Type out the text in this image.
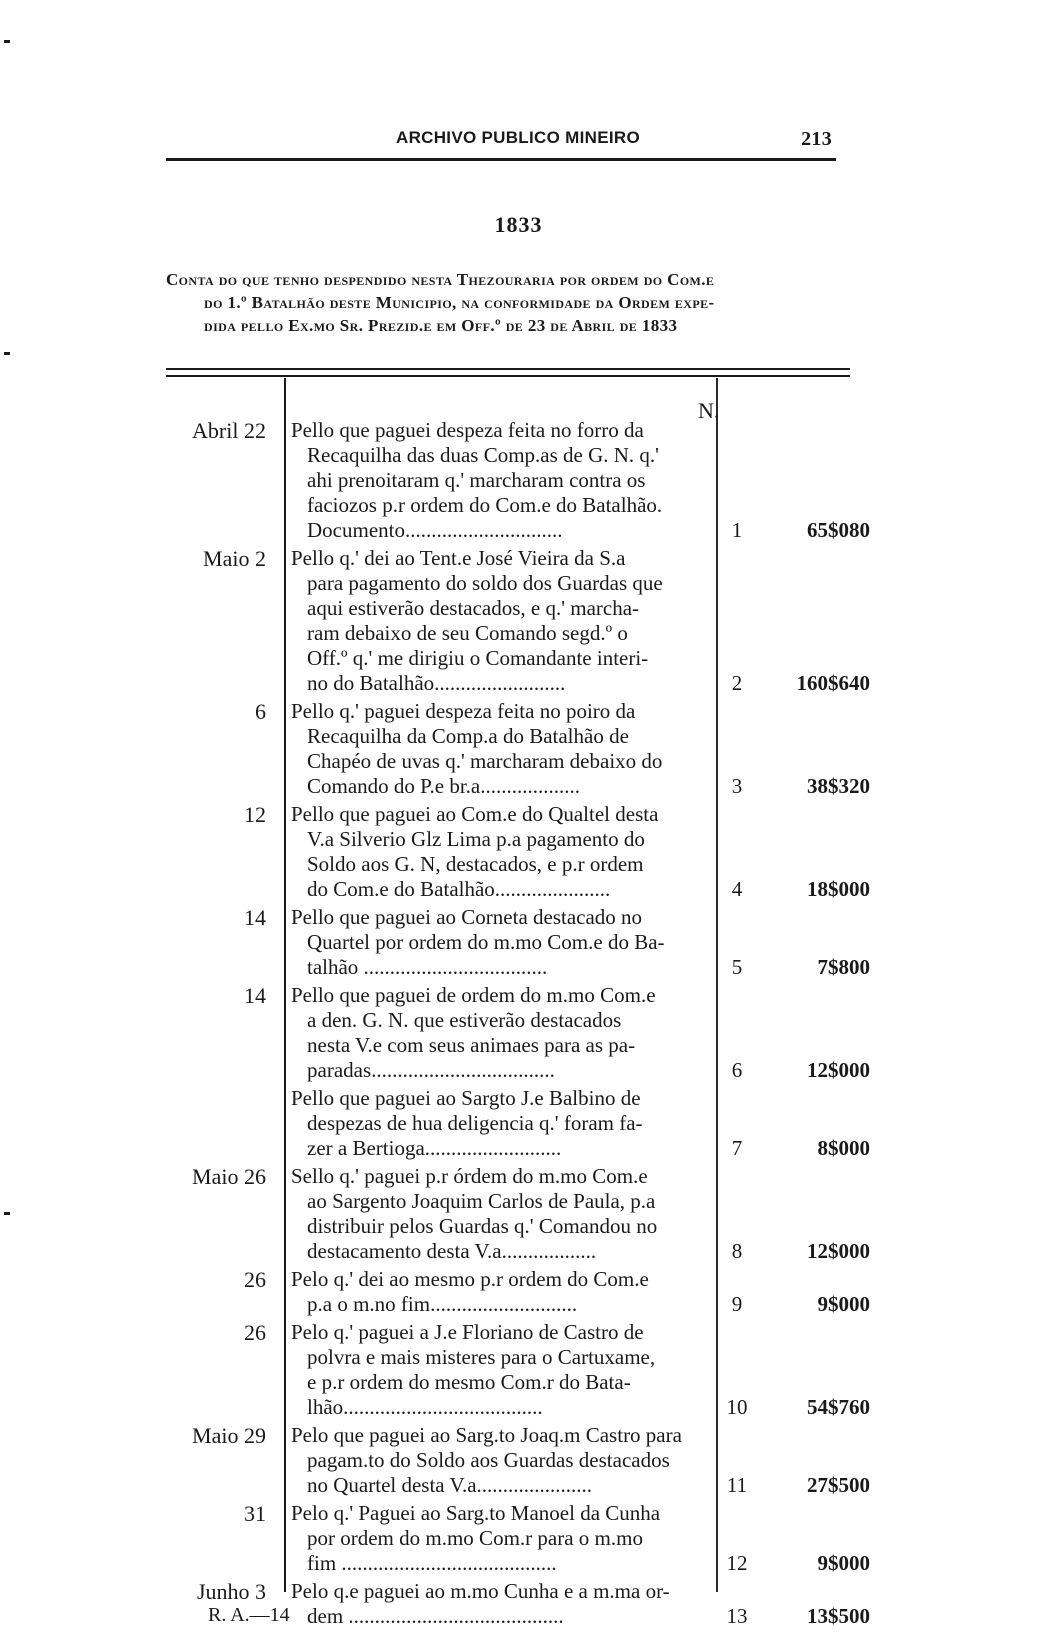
ARCHIVO PUBLICO MINEIRO	213
1833
Conta do que tenho despendido nesta Thezouraria por ordem do Com.e
do 1.º Batalhão deste Municipio, na conformidade da Ordem expe-
dida pello Ex.mo Sr. Prezid.e em Off.º de 23 de Abril de 1833
N.
Abril 22 Pello que paguei despeza feita no forro da
Recaquilha das duas Comp.as de G. N. q.'
ahi prenoitaram q.' marcharam contra os
faciozos p.r ordem do Com.e do Batalhão.
Documento..............................	1	65$080
Maio 2 Pello q.' dei ao Tent.e José Vieira da S.a
para pagamento do soldo dos Guardas que
aqui estiverão destacados, e q.' marcha-
ram debaixo de seu Comando segd.º o
Off.º q.' me dirigiu o Comandante interi-
no do Batalhão.........................	2	160$640
6 Pello q.' paguei despeza feita no poiro da
Recaquilha da Comp.a do Batalhão de
Chapéo de uvas q.' marcharam debaixo do
Comando do P.e br.a...................	3	38$320
12 Pello que paguei ao Com.e do Qualtel desta
V.a Silverio Glz Lima p.a pagamento do
Soldo aos G. N, destacados, e p.r ordem
do Com.e do Batalhão......................	4	18$000
14 Pello que paguei ao Corneta destacado no
Quartel por ordem do m.mo Com.e do Ba-
talhão ...................................	5	7$800
14 Pello que paguei de ordem do m.mo Com.e
a den. G. N. que estiverão destacados
nesta V.e com seus animaes para as pa-
paradas...................................	6	12$000
Pello que paguei ao Sargto J.e Balbino de
despezas de hua deligencia q.' foram fa-
zer a Bertioga..........................	7	8$000
Maio 26 Sello q.' paguei p.r órdem do m.mo Com.e
ao Sargento Joaquim Carlos de Paula, p.a
distribuir pelos Guardas q.' Comandou no
destacamento desta V.a..................	8	12$000
26 Pelo q.' dei ao mesmo p.r ordem do Com.e
p.a o m.no fim............................	9	9$000
26 Pelo q.' paguei a J.e Floriano de Castro de
polvra e mais misteres para o Cartuxame,
e p.r ordem do mesmo Com.r do Bata-
lhão......................................	10	54$760
Maio 29 Pelo que paguei ao Sarg.to Joaq.m Castro para
pagam.to do Soldo aos Guardas destacados
no Quartel desta V.a......................	11	27$500
31 Pelo q.' Paguei ao Sarg.to Manoel da Cunha
por ordem do m.mo Com.r para o m.mo
fim .........................................	12	9$000
Junho 3 Pelo q.e paguei ao m.mo Cunha e a m.ma or-
dem .........................................	13	13$500
R. A.—14
